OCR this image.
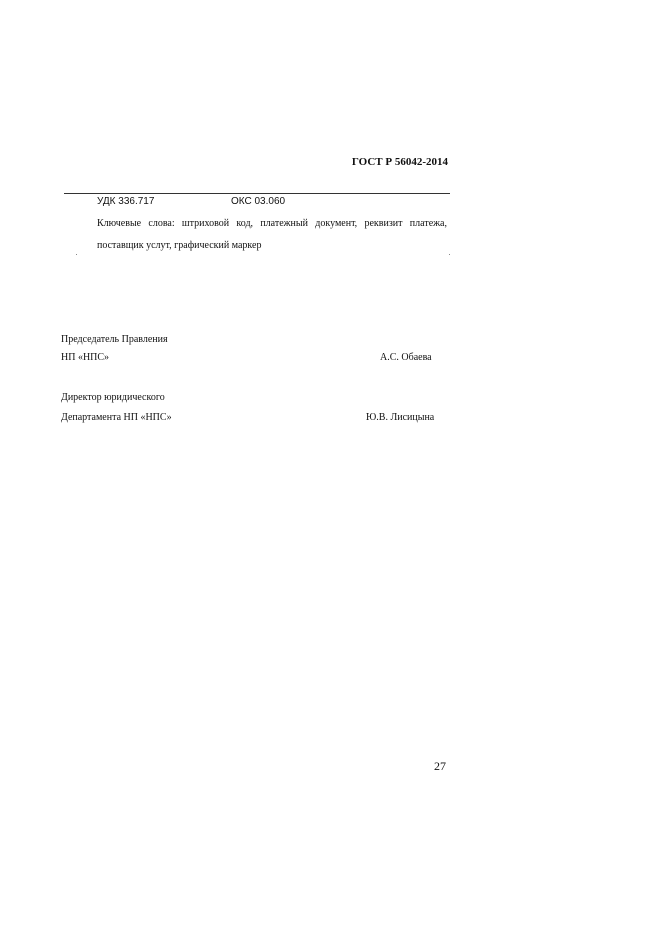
ГОСТ Р 56042-2014
УДК 336.717	ОКС 03.060
Ключевые слова: штриховой код, платежный документ, реквизит платежа, поставщик услут, графический маркер
Председатель Правления
НП «НПС»	А.С. Обаева
Директор юридического
Департамента НП «НПС»	Ю.В. Лисицына
27
